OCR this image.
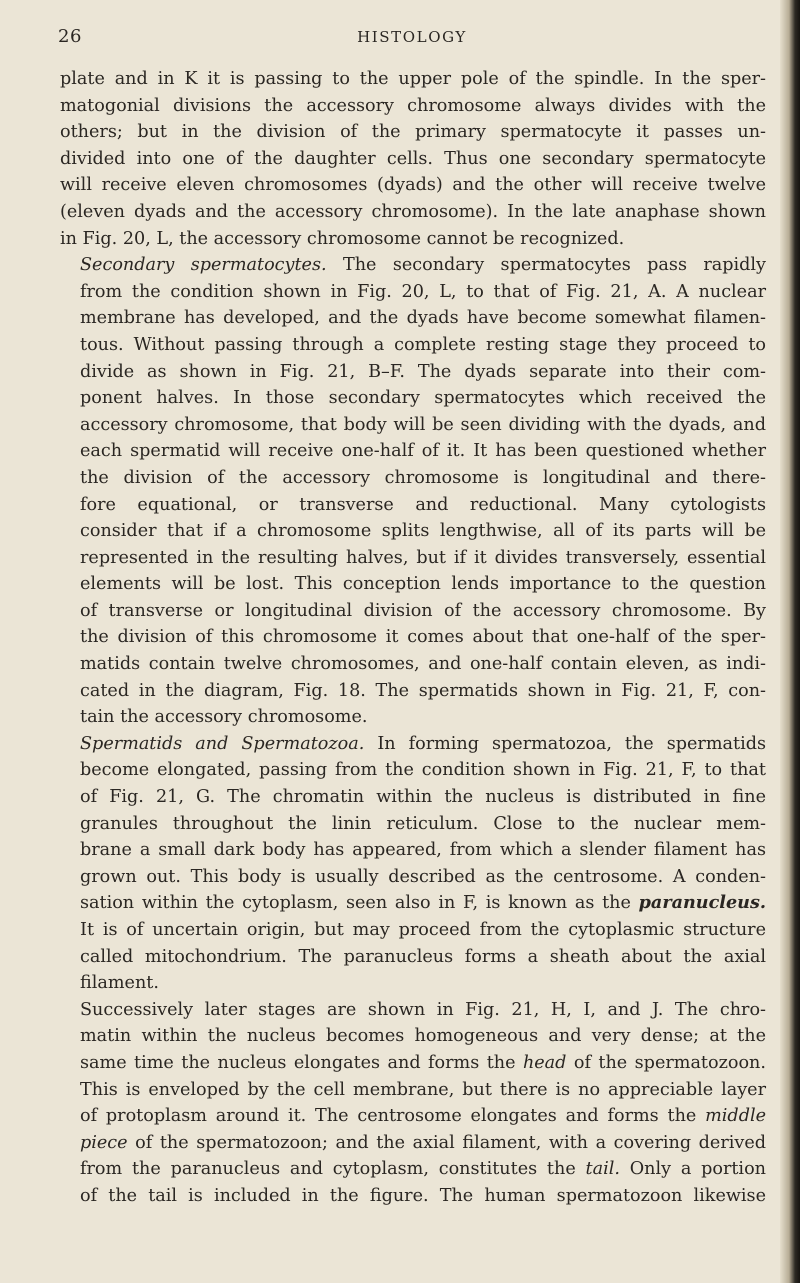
26	HISTOLOGY

plate and in K it is passing to the upper pole of the spindle. In the sper-
matogonial divisions the accessory chromosome always divides with the
others; but in the division of the primary spermatocyte it passes un-
divided into one of the daughter cells. Thus one secondary spermatocyte
will receive eleven chromosomes (dyads) and the other will receive twelve
(eleven dyads and the accessory chromosome). In the late anaphase shown
in Fig. 20, L, the accessory chromosome cannot be recognized.

Secondary spermatocytes. The secondary spermatocytes pass rapidly
from the condition shown in Fig. 20, L, to that of Fig. 21, A. A nuclear
membrane has developed, and the dyads have become somewhat filamen-
tous. Without passing through a complete resting stage they proceed to
divide as shown in Fig. 21, B–F. The dyads separate into their com-
ponent halves. In those secondary spermatocytes which received the
accessory chromosome, that body will be seen dividing with the dyads, and
each spermatid will receive one-half of it. It has been questioned whether
the division of the accessory chromosome is longitudinal and there-
fore equational, or transverse and reductional. Many cytologists
consider that if a chromosome splits lengthwise, all of its parts will be
represented in the resulting halves, but if it divides transversely, essential
elements will be lost. This conception lends importance to the question
of transverse or longitudinal division of the accessory chromosome. By
the division of this chromosome it comes about that one-half of the sper-
matids contain twelve chromosomes, and one-half contain eleven, as indi-
cated in the diagram, Fig. 18. The spermatids shown in Fig. 21, F, con-
tain the accessory chromosome.

Spermatids and Spermatozoa. In forming spermatozoa, the spermatids
become elongated, passing from the condition shown in Fig. 21, F, to that
of Fig. 21, G. The chromatin within the nucleus is distributed in fine
granules throughout the linin reticulum. Close to the nuclear mem-
brane a small dark body has appeared, from which a slender filament has
grown out. This body is usually described as the centrosome. A conden-
sation within the cytoplasm, seen also in F, is known as the paranucleus.
It is of uncertain origin, but may proceed from the cytoplasmic structure
called mitochondrium. The paranucleus forms a sheath about the axial
filament.

Successively later stages are shown in Fig. 21, H, I, and J. The chro-
matin within the nucleus becomes homogeneous and very dense; at the
same time the nucleus elongates and forms the head of the spermatozoon.
This is enveloped by the cell membrane, but there is no appreciable layer
of protoplasm around it. The centrosome elongates and forms the middle
piece of the spermatozoon; and the axial filament, with a covering derived
from the paranucleus and cytoplasm, constitutes the tail. Only a portion
of the tail is included in the figure. The human spermatozoon likewise
